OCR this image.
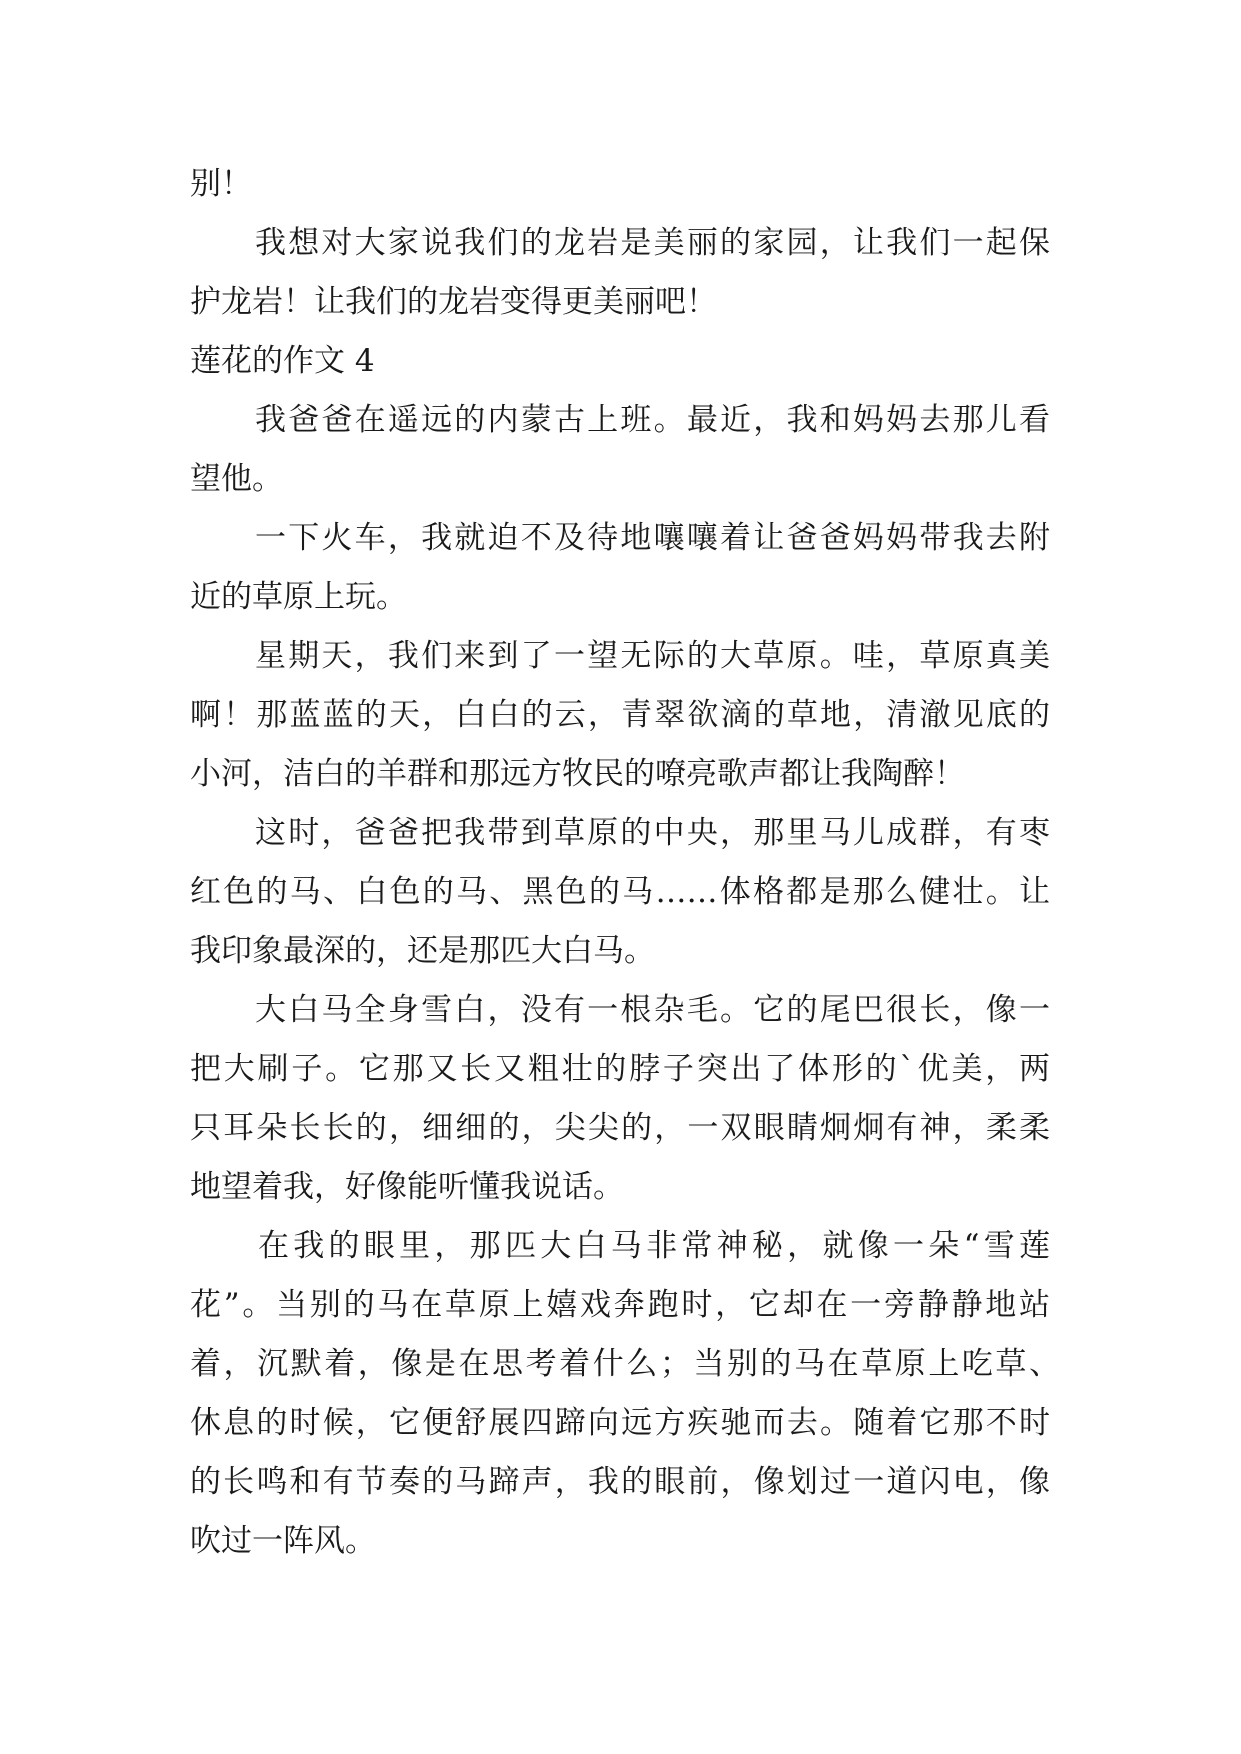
别！
我想对大家说我们的龙岩是美丽的家园，让我们一起保
护龙岩！让我们的龙岩变得更美丽吧！
莲花的作文 4
我爸爸在遥远的内蒙古上班。最近，我和妈妈去那儿看
望他。
一下火车，我就迫不及待地嚷嚷着让爸爸妈妈带我去附
近的草原上玩。
星期天，我们来到了一望无际的大草原。哇，草原真美
啊！那蓝蓝的天，白白的云，青翠欲滴的草地，清澈见底的
小河，洁白的羊群和那远方牧民的嘹亮歌声都让我陶醉！
这时，爸爸把我带到草原的中央，那里马儿成群，有枣
红色的马、白色的马、黑色的马……体格都是那么健壮。让
我印象最深的，还是那匹大白马。
大白马全身雪白，没有一根杂毛。它的尾巴很长，像一
把大刷子。它那又长又粗壮的脖子突出了体形的`优美，两
只耳朵长长的，细细的，尖尖的，一双眼睛炯炯有神，柔柔
地望着我，好像能听懂我说话。
在我的眼里，那匹大白马非常神秘，就像一朵“雪莲
花”。当别的马在草原上嬉戏奔跑时，它却在一旁静静地站
着，沉默着，像是在思考着什么；当别的马在草原上吃草、
休息的时候，它便舒展四蹄向远方疾驰而去。随着它那不时
的长鸣和有节奏的马蹄声，我的眼前，像划过一道闪电，像
吹过一阵风。
